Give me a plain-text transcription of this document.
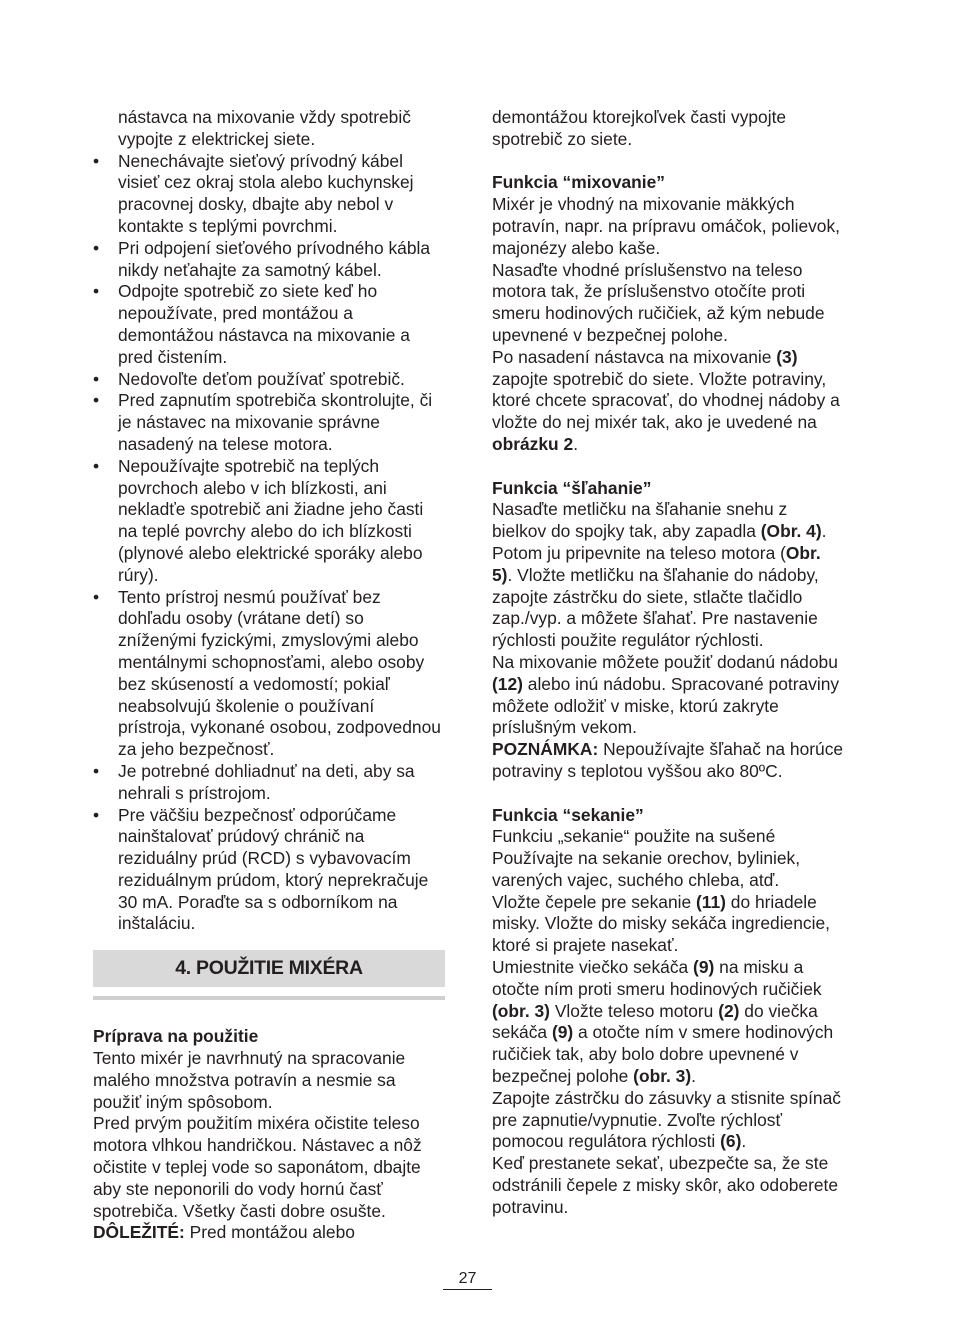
nástavca na mixovanie vždy spotrebič vypojte z elektrickej siete.
• Nenechávajte sieťový prívodný kábel visieť cez okraj stola alebo kuchynskej pracovnej dosky, dbajte aby nebol v kontakte s teplými povrchmi.
• Pri odpojení sieťového prívodného kábla nikdy neťahajte za samotný kábel.
• Odpojte spotrebič zo siete keď ho nepoužívate, pred montážou a demontážou nástavca na mixovanie a pred čistením.
• Nedovoľte deťom používať spotrebič.
• Pred zapnutím spotrebiča skontrolujte, či je nástavec na mixovanie správne nasadený na telese motora.
• Nepoužívajte spotrebič na teplých povrchoch alebo v ich blízkosti, ani nekladťe spotrebič ani žiadne jeho časti na teplé povrchy alebo do ich blízkosti (plynové alebo elektrické sporáky alebo rúry).
• Tento prístroj nesmú používať bez dohľadu osoby (vrátane detí) so zníženými fyzickými, zmyslovými alebo mentálnymi schopnosťami, alebo osoby bez skúseností a vedomostí; pokiaľ neabsolvujú školenie o používaní prístroja, vykonané osobou, zodpovednou za jeho bezpečnosť.
• Je potrebné dohliadnuť na deti, aby sa nehrali s prístrojom.
• Pre väčšiu bezpečnosť odporúčame nainštalovať prúdový chránič na reziduálny prúd (RCD) s vybavovacím reziduálnym prúdom, ktorý neprekračuje 30 mA. Poraďte sa s odborníkom na inštaláciu.
4. POUŽITIE MIXÉRA

Príprava na použitie

Tento mixér je navrhnutý na spracovanie malého množstva potravín a nesmie sa použiť iným spôsobom.

Pred prvým použitím mixéra očistite teleso motora vlhkou handričkou. Nástavec a nôž očistite v teplej vode so saponátom, dbajte aby ste neponorili do vody hornú časť spotrebiča. Všetky časti dobre osušte.

DÔLEŽITÉ: Pred montážou alebo

demontážou ktorejkoľvek časti vypojte spotrebič zo siete.

Funkcia “mixovanie”

Mixér je vhodný na mixovanie mäkkých potravín, napr. na prípravu omáčok, polievok, majonézy alebo kaše.

Nasaďte vhodné príslušenstvo na teleso motora tak, že príslušenstvo otočíte proti smeru hodinových ručičiek, až kým nebude upevnené v bezpečnej polohe.

Po nasadení nástavca na mixovanie (3) zapojte spotrebič do siete. Vložte potraviny, ktoré chcete spracovať, do vhodnej nádoby a vložte do nej mixér tak, ako je uvedené na obrázku 2.

Funkcia “šľahanie”

Nasaďte metličku na šľahanie snehu z bielkov do spojky tak, aby zapadla (Obr. 4). Potom ju pripevnite na teleso motora (Obr. 5). Vložte metličku na šľahanie do nádoby, zapojte zástrčku do siete, stlačte tlačidlo zap./vyp. a môžete šľahať. Pre nastavenie rýchlosti použite regulátor rýchlosti.

Na mixovanie môžete použiť dodanú nádobu (12) alebo inú nádobu. Spracované potraviny môžete odložiť v miske, ktorú zakryte príslušným vekom.

POZNÁMKA: Nepoužívajte šľahač na horúce potraviny s teplotou vyššou ako 80ºC.

Funkcia “sekanie”

Funkciu „sekanie“ použite na sušené Používajte na sekanie orechov, byliniek, varených vajec, suchého chleba, atď.

Vložte čepele pre sekanie (11) do hriadele misky. Vložte do misky sekáča ingrediencie, ktoré si prajete nasekať.

Umiestnite viečko sekáča (9) na misku a otočte ním proti smeru hodinových ručičiek (obr. 3) Vložte teleso motoru (2) do viečka sekáča (9) a otočte ním v smere hodinových ručičiek tak, aby bolo dobre upevnené v bezpečnej polohe (obr. 3).

Zapojte zástrčku do zásuvky a stisnite spínač pre zapnutie/vypnutie. Zvoľte rýchlosť pomocou regulátora rýchlosti (6).

Keď prestanete sekať, ubezpečte sa, že ste odstránili čepele z misky skôr, ako odoberete potravinu.

27
